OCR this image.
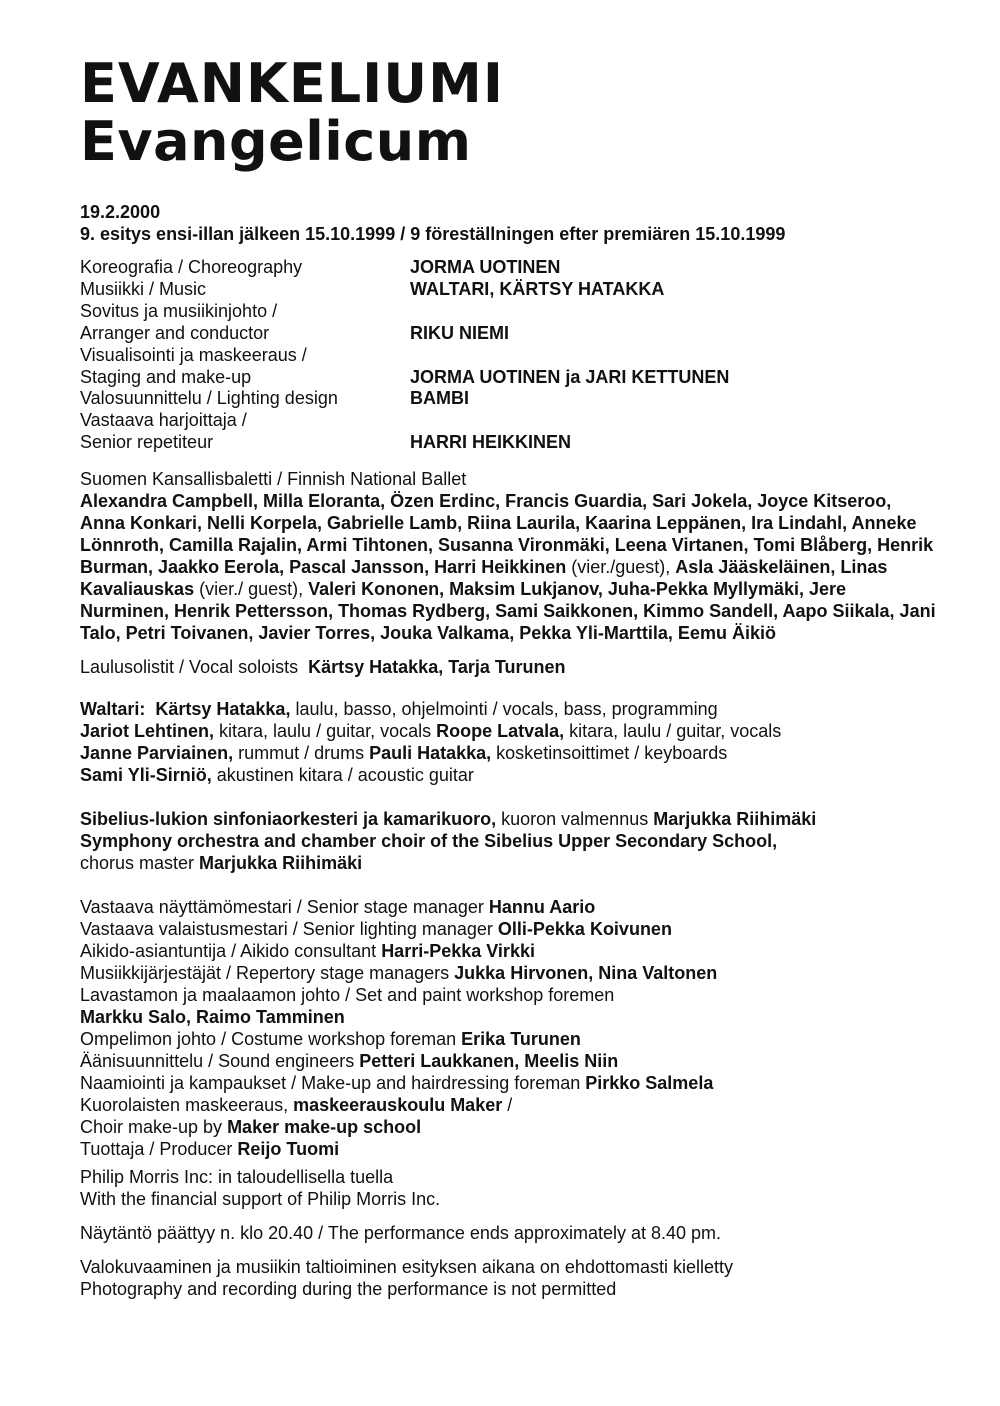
EVANKELIUMI
Evangelicum

19.2.2000

9. esitys ensi-illan jälkeen 15.10.1999 / 9 föreställningen efter premiären 15.10.1999

Koreografia / Choreography	JORMA UOTINEN
Musiikki / Music	WALTARI, KÄRTSY HATAKKA
Sovitus ja musiikinjohto /
Arranger and conductor	RIKU NIEMI
Visualisointi ja maskeeraus /
Staging and make-up	JORMA UOTINEN ja JARI KETTUNEN
Valosuunnittelu / Lighting design	BAMBI
Vastaava harjoittaja /
Senior repetiteur	HARRI HEIKKINEN

Suomen Kansallisbaletti / Finnish National Ballet

Alexandra Campbell, Milla Eloranta, Özen Erdinc, Francis Guardia, Sari Jokela, Joyce Kitseroo, Anna Konkari, Nelli Korpela, Gabrielle Lamb, Riina Laurila, Kaarina Leppänen, Ira Lindahl, Anneke Lönnroth, Camilla Rajalin, Armi Tihtonen, Susanna Vironmäki, Leena Virtanen, Tomi Blåberg, Henrik Burman, Jaakko Eerola, Pascal Jansson, Harri Heikkinen (vier./guest), Asla Jääskeläinen, Linas Kavaliauskas (vier./ guest), Valeri Kononen, Maksim Lukjanov, Juha-Pekka Myllymäki, Jere Nurminen, Henrik Pettersson, Thomas Rydberg, Sami Saikkonen, Kimmo Sandell, Aapo Siikala, Jani Talo, Petri Toivanen, Javier Torres, Jouka Valkama, Pekka Yli-Marttila, Eemu Äikiö

Laulusolistit / Vocal soloists Kärtsy Hatakka, Tarja Turunen

Waltari: Kärtsy Hatakka, laulu, basso, ohjelmointi / vocals, bass, programming

Jariot Lehtinen, kitara, laulu / guitar, vocals Roope Latvala, kitara, laulu / guitar, vocals

Janne Parviainen, rummut / drums Pauli Hatakka, kosketinsoittimet / keyboards

Sami Yli-Sirniö, akustinen kitara / acoustic guitar

Sibelius-lukion sinfoniaorkesteri ja kamarikuoro, kuoron valmennus Marjukka Riihimäki

Symphony orchestra and chamber choir of the Sibelius Upper Secondary School,

chorus master Marjukka Riihimäki

Vastaava näyttämömestari / Senior stage manager Hannu Aario

Vastaava valaistusmestari / Senior lighting manager Olli-Pekka Koivunen

Aikido-asiantuntija / Aikido consultant Harri-Pekka Virkki

Musiikkijärjestäjät / Repertory stage managers Jukka Hirvonen, Nina Valtonen

Lavastamon ja maalaamon johto / Set and paint workshop foremen

Markku Salo, Raimo Tamminen

Ompelimon johto / Costume workshop foreman Erika Turunen

Äänisuunnittelu / Sound engineers Petteri Laukkanen, Meelis Niin

Naamiointi ja kampaukset / Make-up and hairdressing foreman Pirkko Salmela

Kuorolaisten maskeeraus, maskeerauskoulu Maker /

Choir make-up by Maker make-up school

Tuottaja / Producer Reijo Tuomi

Philip Morris Inc: in taloudellisella tuella

With the financial support of Philip Morris Inc.

Näytäntö päättyy n. klo 20.40 / The performance ends approximately at 8.40 pm.

Valokuvaaminen ja musiikin taltioiminen esityksen aikana on ehdottomasti kielletty

Photography and recording during the performance is not permitted
